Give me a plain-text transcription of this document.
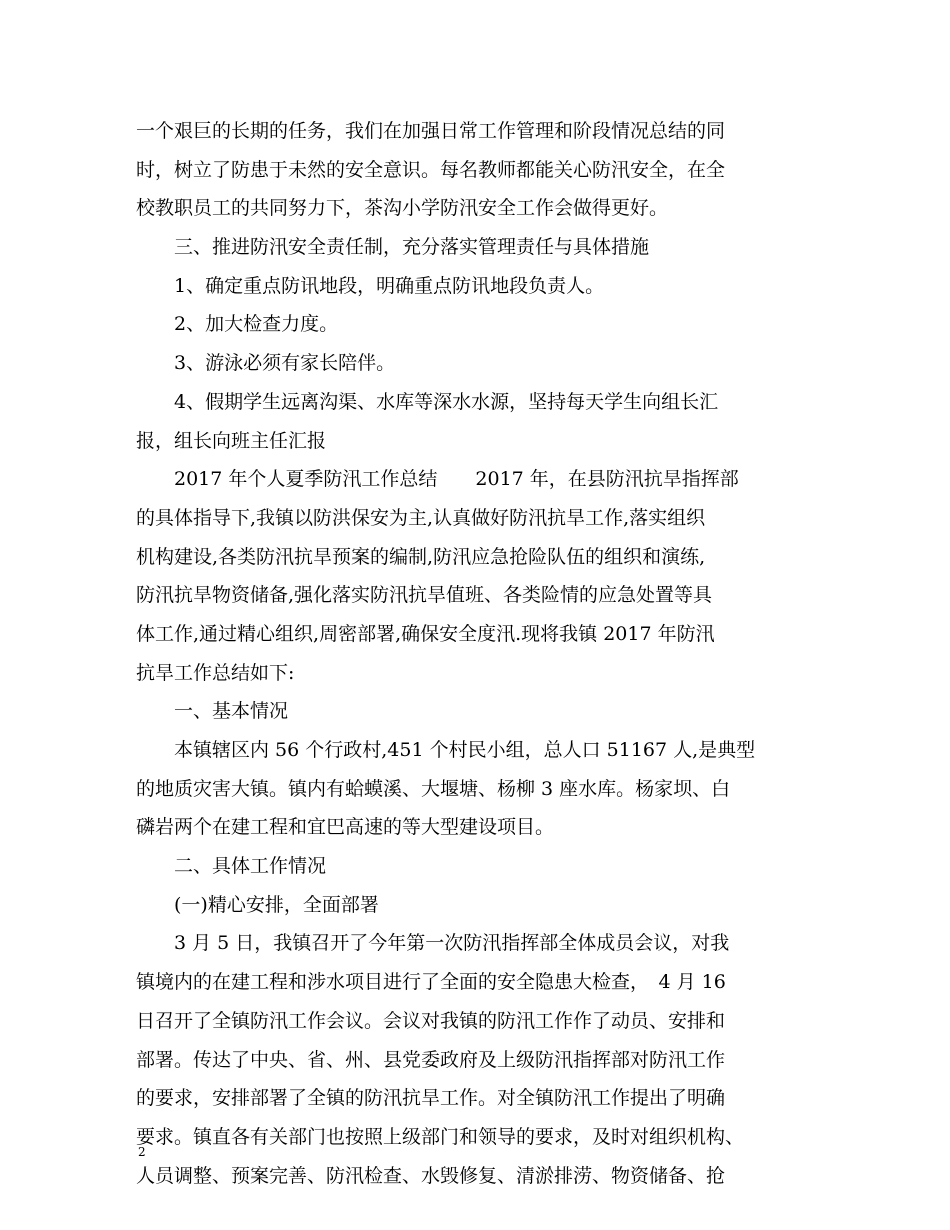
一个艰巨的长期的任务，我们在加强日常工作管理和阶段情况总结的同
时，树立了防患于未然的安全意识。每名教师都能关心防汛安全，在全
校教职员工的共同努力下，茶沟小学防汛安全工作会做得更好。
三、推进防汛安全责任制，充分落实管理责任与具体措施
1、确定重点防讯地段，明确重点防讯地段负责人。
2、加大检查力度。
3、游泳必须有家长陪伴。
4、假期学生远离沟渠、水库等深水水源，坚持每天学生向组长汇
报，组长向班主任汇报
2017 年个人夏季防汛工作总结　　2017 年，在县防汛抗旱指挥部
的具体指导下,我镇以防洪保安为主,认真做好防汛抗旱工作,落实组织
机构建设,各类防汛抗旱预案的编制,防汛应急抢险队伍的组织和演练,
防汛抗旱物资储备,强化落实防汛抗旱值班、各类险情的应急处置等具
体工作,通过精心组织,周密部署,确保安全度汛.现将我镇 2017 年防汛
抗旱工作总结如下:
一、基本情况
本镇辖区内 56 个行政村,451 个村民小组，总人口 51167 人,是典型
的地质灾害大镇。镇内有蛤蟆溪、大堰塘、杨柳 3 座水库。杨家坝、白
磷岩两个在建工程和宜巴高速的等大型建设项目。
二、具体工作情况
(一)精心安排，全面部署
3 月 5 日，我镇召开了今年第一次防汛指挥部全体成员会议，对我
镇境内的在建工程和涉水项目进行了全面的安全隐患大检查，　4 月 16
日召开了全镇防汛工作会议。会议对我镇的防汛工作作了动员、安排和
部署。传达了中央、省、州、县党委政府及上级防汛指挥部对防汛工作
的要求，安排部署了全镇的防汛抗旱工作。对全镇防汛工作提出了明确
要求。镇直各有关部门也按照上级部门和领导的要求，及时对组织机构、
人员调整、预案完善、防汛检查、水毁修复、清淤排涝、物资储备、抢
2
